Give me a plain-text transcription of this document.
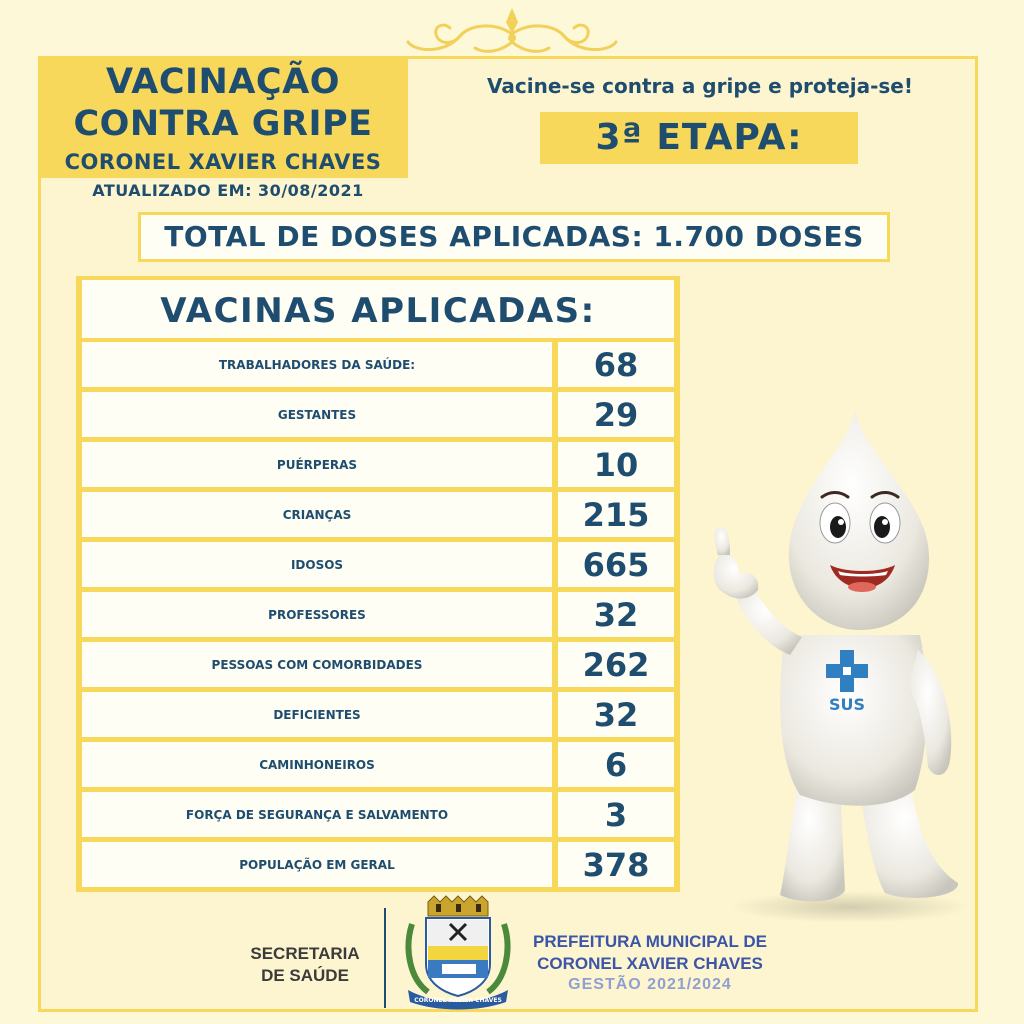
VACINAÇÃO
CONTRA GRIPE
CORONEL XAVIER CHAVES
ATUALIZADO EM: 30/08/2021
Vacine-se contra a gripe e proteja-se!
3ª ETAPA:
TOTAL DE DOSES APLICADAS: 1.700 DOSES
VACINAS APLICADAS:
TRABALHADORES DA SAÚDE:	68
GESTANTES	29
PUÉRPERAS	10
CRIANÇAS	215
IDOSOS	665
PROFESSORES	32
PESSOAS COM COMORBIDADES	262
DEFICIENTES	32
CAMINHONEIROS	6
FORÇA DE SEGURANÇA E SALVAMENTO	3
POPULAÇÃO EM GERAL	378
SUS
SECRETARIA
DE SAÚDE
CORONEL XAVIER CHAVES
PREFEITURA MUNICIPAL DE
CORONEL XAVIER CHAVES
GESTÃO 2021/2024
